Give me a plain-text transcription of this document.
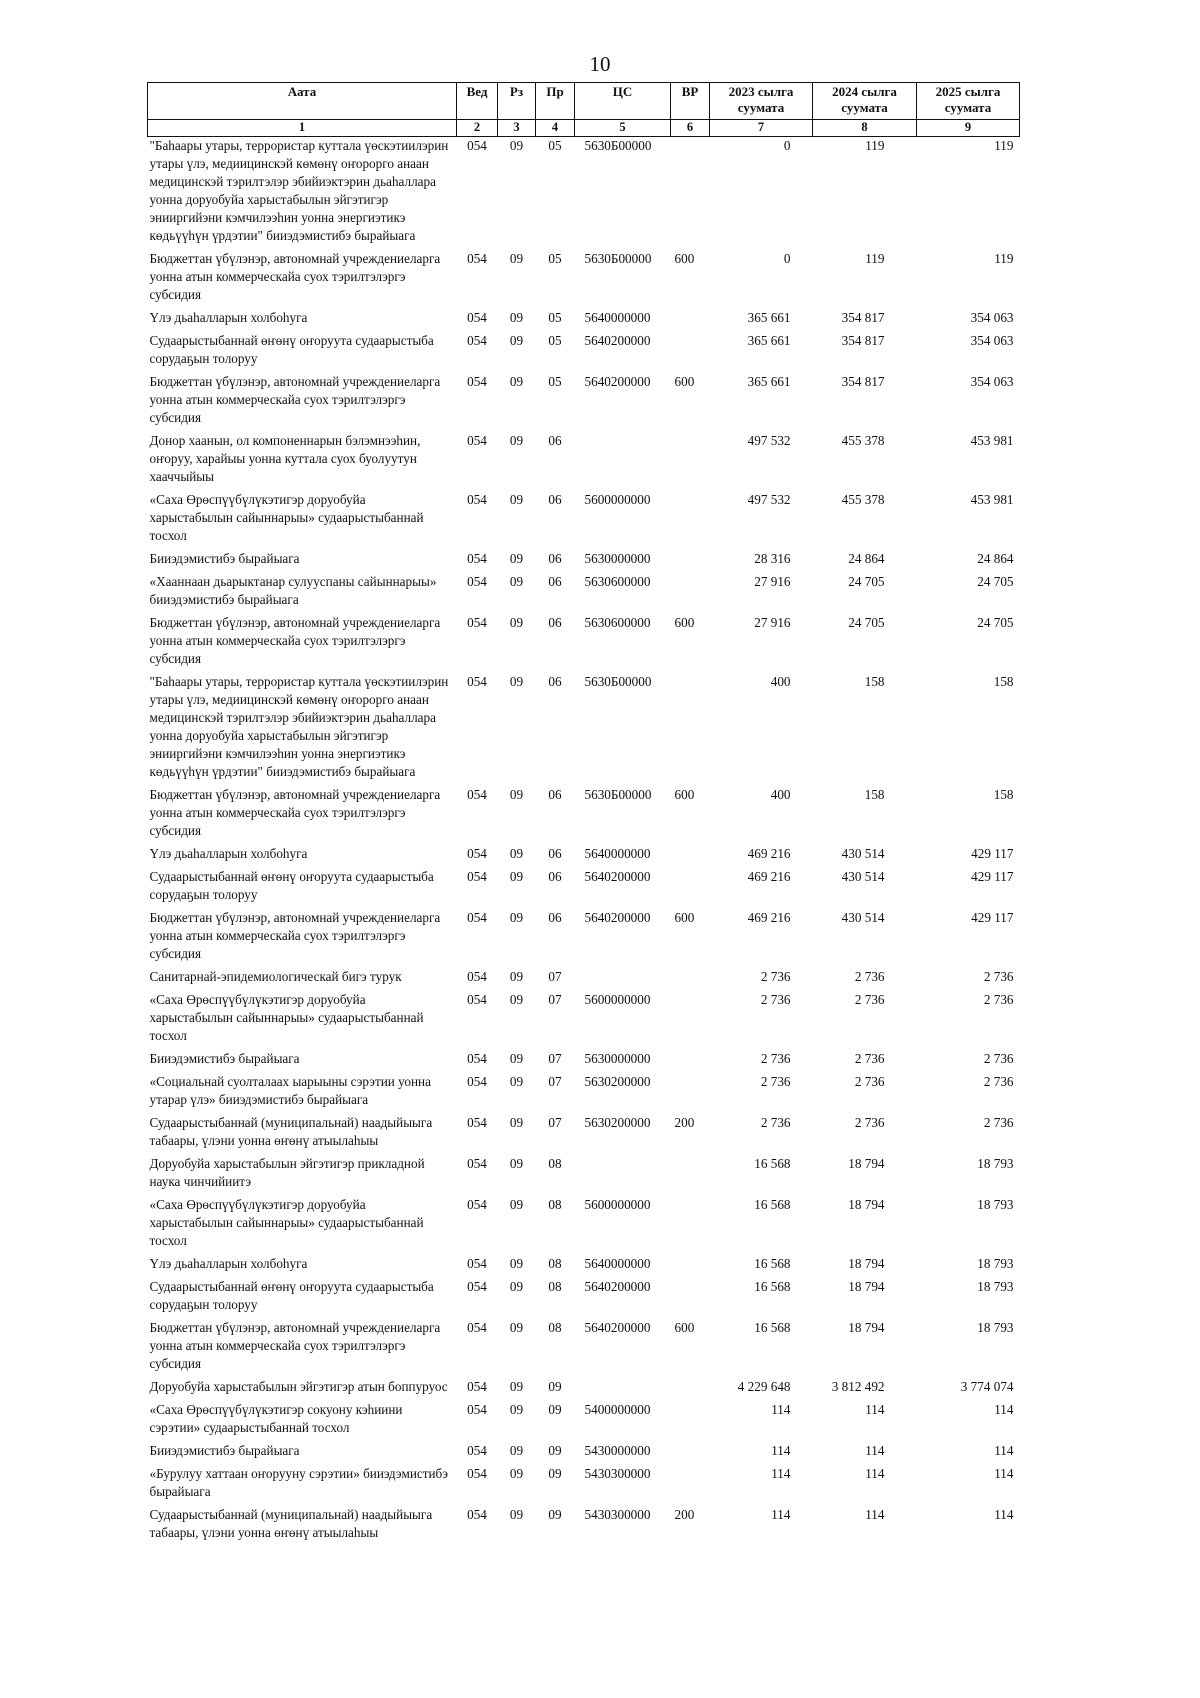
10
Аата	Вед	Рз	Пр	ЦС	ВР	2023 сылга суумата	2024 сылга суумата	2025 сылга суумата
1	2	3	4	5	6	7	8	9
"Баһаары утары, террористар куттала үөскэтиилэрин утары үлэ, медиицинскэй көмөнү оҥорорго анаан медицинскэй тэрилтэлэр эбийиэктэрин дьаһаллара уонна доруобуйа харыстабылын эйгэтигэр энииргийэни кэмчилээһин уонна энергиэтикэ көдьүүһүн үрдэтии" бииэдэмистибэ бырайыага	054	09	05	5630Б00000		0	119	119
Бюджеттан үбүлэнэр, автономнай учреждениеларга уонна атын коммерческайа суох тэрилтэлэргэ субсидия	054	09	05	5630Б00000	600	0	119	119
Үлэ дьаһалларын холбоһуга	054	09	05	5640000000		365 661	354 817	354 063
Судаарыстыбаннай өҥөнү оҥоруута судаарыстыба сорудаҕын толоруу	054	09	05	5640200000		365 661	354 817	354 063
Бюджеттан үбүлэнэр, автономнай учреждениеларга уонна атын коммерческайа суох тэрилтэлэргэ субсидия	054	09	05	5640200000	600	365 661	354 817	354 063
Донор хаанын, ол компоненнарын бэлэмнээһин, оҥоруу, харайыы уонна куттала суох буолуутун хааччыйыы	054	09	06			497 532	455 378	453 981
«Саха Өрөспүүбүлүкэтигэр доруобуйа харыстабылын сайыннарыы» судаарыстыбаннай тосхол	054	09	06	5600000000		497 532	455 378	453 981
Бииэдэмистибэ бырайыага	054	09	06	5630000000		28 316	24 864	24 864
«Хааннаан дьарыктанар сулууспаны сайыннарыы» бииэдэмистибэ бырайыага	054	09	06	5630600000		27 916	24 705	24 705
Бюджеттан үбүлэнэр, автономнай учреждениеларга уонна атын коммерческайа суох тэрилтэлэргэ субсидия	054	09	06	5630600000	600	27 916	24 705	24 705
"Баһаары утары, террористар куттала үөскэтиилэрин утары үлэ, медиицинскэй көмөнү оҥорорго анаан медицинскэй тэрилтэлэр эбийиэктэрин дьаһаллара уонна доруобуйа харыстабылын эйгэтигэр энииргийэни кэмчилээһин уонна энергиэтикэ көдьүүһүн үрдэтии" бииэдэмистибэ бырайыага	054	09	06	5630Б00000		400	158	158
Бюджеттан үбүлэнэр, автономнай учреждениеларга уонна атын коммерческайа суох тэрилтэлэргэ субсидия	054	09	06	5630Б00000	600	400	158	158
Үлэ дьаһалларын холбоһуга	054	09	06	5640000000		469 216	430 514	429 117
Судаарыстыбаннай өҥөнү оҥоруута судаарыстыба сорудаҕын толоруу	054	09	06	5640200000		469 216	430 514	429 117
Бюджеттан үбүлэнэр, автономнай учреждениеларга уонна атын коммерческайа суох тэрилтэлэргэ субсидия	054	09	06	5640200000	600	469 216	430 514	429 117
Санитарнай-эпидемиологическай бигэ турук	054	09	07			2 736	2 736	2 736
«Саха Өрөспүүбүлүкэтигэр доруобуйа харыстабылын сайыннарыы» судаарыстыбаннай тосхол	054	09	07	5600000000		2 736	2 736	2 736
Бииэдэмистибэ бырайыага	054	09	07	5630000000		2 736	2 736	2 736
«Социальнай суолталаах ыарыыны сэрэтии уонна утарар үлэ» бииэдэмистибэ бырайыага	054	09	07	5630200000		2 736	2 736	2 736
Судаарыстыбаннай (муниципальнай) наадыйыыга табаары, үлэни уонна өҥөнү атыылаһыы	054	09	07	5630200000	200	2 736	2 736	2 736
Доруобуйа харыстабылын эйгэтигэр прикладной наука чинчийиитэ	054	09	08			16 568	18 794	18 793
«Саха Өрөспүүбүлүкэтигэр доруобуйа харыстабылын сайыннарыы» судаарыстыбаннай тосхол	054	09	08	5600000000		16 568	18 794	18 793
Үлэ дьаһалларын холбоһуга	054	09	08	5640000000		16 568	18 794	18 793
Судаарыстыбаннай өҥөнү оҥоруута судаарыстыба сорудаҕын толоруу	054	09	08	5640200000		16 568	18 794	18 793
Бюджеттан үбүлэнэр, автономнай учреждениеларга уонна атын коммерческайа суох тэрилтэлэргэ субсидия	054	09	08	5640200000	600	16 568	18 794	18 793
Доруобуйа харыстабылын эйгэтигэр атын боппуруос	054	09	09			4 229 648	3 812 492	3 774 074
«Саха Өрөспүүбүлүкэтигэр сокуону кэһиини сэрэтии» судаарыстыбаннай тосхол	054	09	09	5400000000		114	114	114
Бииэдэмистибэ бырайыага	054	09	09	5430000000		114	114	114
«Бурулуу хаттаан оҥорууну сэрэтии» бииэдэмистибэ бырайыага	054	09	09	5430300000		114	114	114
Судаарыстыбаннай (муниципальнай) наадыйыыга табаары, үлэни уонна өҥөнү атыылаһыы	054	09	09	5430300000	200	114	114	114
